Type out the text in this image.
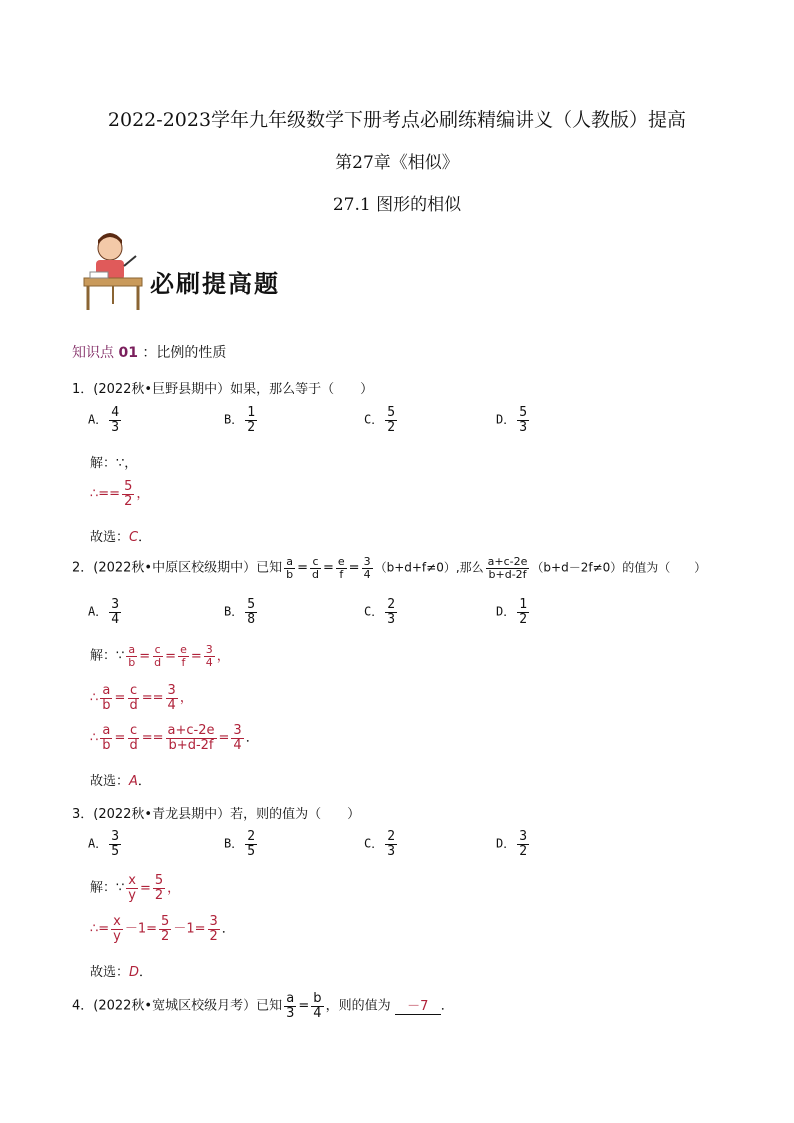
2022-2023学年九年级数学下册考点必刷练精编讲义（人教版）提高
第27章《相似》
27.1 图形的相似
必刷提高题
知识点 01 ：比例的性质
1．(2022秋•巨野县期中）如果，那么等于（　　）
A． $\frac{4}{3}$	B． $\frac{1}{2}$	C． $\frac{5}{2}$	D． $\frac{5}{3}$
解：∵，
∴== $\frac{5}{2}$ ，
故选：C．
2．(2022秋•中原区校级期中）已知 $\frac{a}{b} = \frac{c}{d} = \frac{e}{f} = \frac{3}{4} (b+d+f\ne 0)$,那么 $\frac{a+c-2e}{b+d-2f} (b+d-2f\ne 0)$的值为（　　）
A． $\frac{3}{4}$	B． $\frac{5}{8}$	C． $\frac{2}{3}$	D． $\frac{1}{2}$
解：∵ $\frac{a}{b} = \frac{c}{d} = \frac{e}{f} = \frac{3}{4}$ ，
∴ $\frac{a}{b} = \frac{c}{d} == \frac{3}{4}$ ，
∴ $\frac{a}{b} = \frac{c}{d} == \frac{a+c-2e}{b+d-2f} = \frac{3}{4}$ ．
故选：A．
3．(2022秋•青龙县期中）若，则的值为（　　）
A． $\frac{3}{5}$	B． $\frac{2}{5}$	C． $\frac{2}{3}$	D． $\frac{3}{2}$
解：∵ $\frac{x}{y} = \frac{5}{2}$ ，
∴= $\frac{x}{y} -1= \frac{5}{2} -1= \frac{3}{2}$ ．
故选：D．
4．(2022秋•宽城区校级月考）已知 $\frac{a}{3} = \frac{b}{4}$ ，则的值为 －7 ．
